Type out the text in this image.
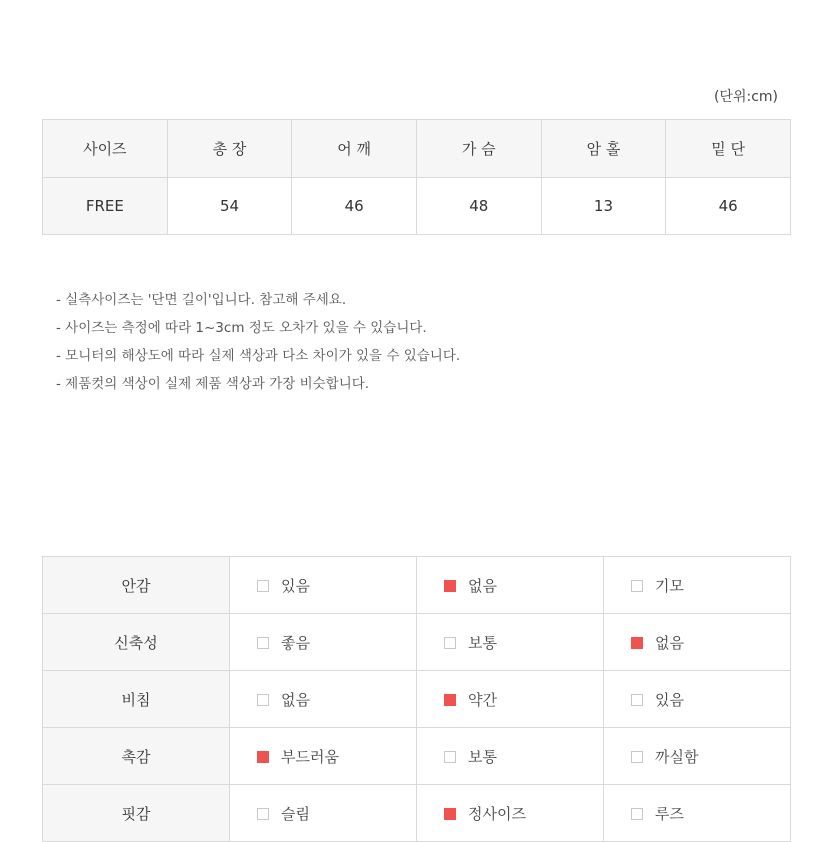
(단위:cm)
사이즈	총 장	어 깨	가 슴	암 홀	밑 단
FREE	54	46	48	13	46
- 실측사이즈는 '단면 길이'입니다. 참고해 주세요.
- 사이즈는 측정에 따라 1~3cm 정도 오차가 있을 수 있습니다.
- 모니터의 해상도에 따라 실제 색상과 다소 차이가 있을 수 있습니다.
- 제품컷의 색상이 실제 제품 색상과 가장 비슷합니다.
안감	있음	없음	기모
신축성	좋음	보통	없음
비침	없음	약간	있음
촉감	부드러움	보통	까실함
핏감	슬림	정사이즈	루즈
